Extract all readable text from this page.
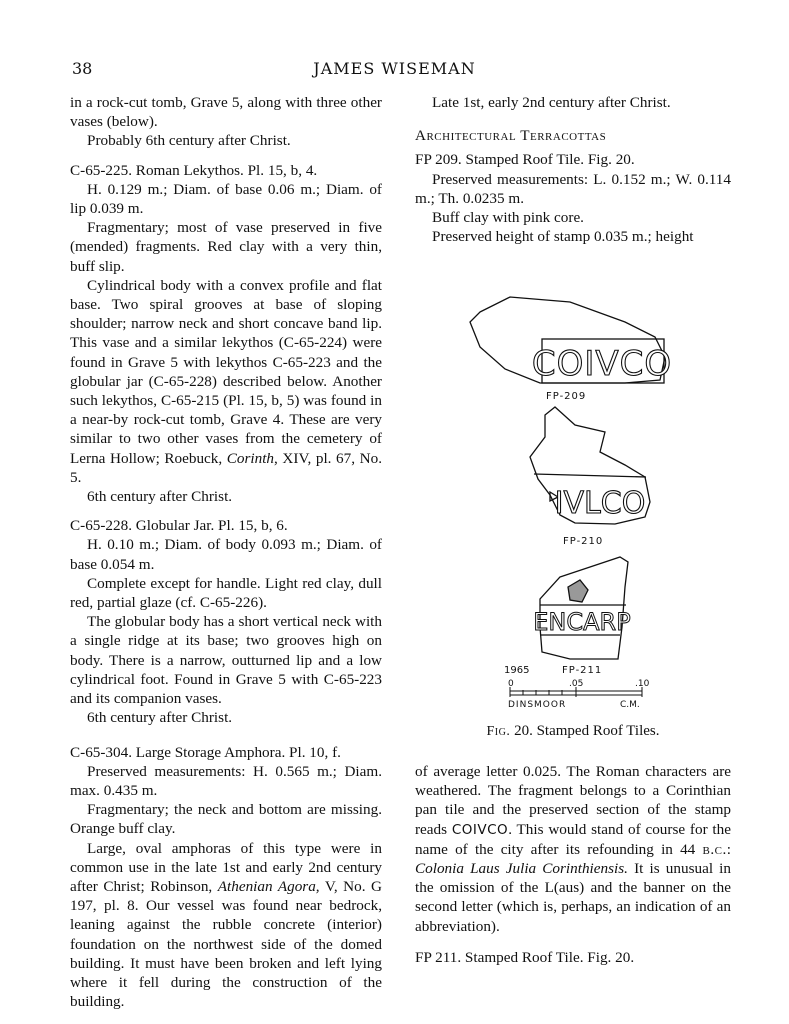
38	JAMES WISEMAN

in a rock-cut tomb, Grave 5, along with three other vases (below).

Probably 6th century after Christ.

C-65-225. Roman Lekythos. Pl. 15, b, 4.

H. 0.129 m.; Diam. of base 0.06 m.; Diam. of lip 0.039 m.

Fragmentary; most of vase preserved in five (mended) fragments. Red clay with a very thin, buff slip.

Cylindrical body with a convex profile and flat base. Two spiral grooves at base of sloping shoulder; narrow neck and short concave band lip. This vase and a similar lekythos (C-65-224) were found in Grave 5 with lekythos C-65-223 and the globular jar (C-65-228) described below. Another such lekythos, C-65-215 (Pl. 15, b, 5) was found in a near-by rock-cut tomb, Grave 4. These are very similar to two other vases from the cemetery of Lerna Hollow; Roebuck, Corinth, XIV, pl. 67, No. 5.

6th century after Christ.

C-65-228. Globular Jar. Pl. 15, b, 6.

H. 0.10 m.; Diam. of body 0.093 m.; Diam. of base 0.054 m.

Complete except for handle. Light red clay, dull red, partial glaze (cf. C-65-226).

The globular body has a short vertical neck with a single ridge at its base; two grooves high on body. There is a narrow, outturned lip and a low cylindrical foot. Found in Grave 5 with C-65-223 and its companion vases.

6th century after Christ.

C-65-304. Large Storage Amphora. Pl. 10, f.

Preserved measurements: H. 0.565 m.; Diam. max. 0.435 m.

Fragmentary; the neck and bottom are missing. Orange buff clay.

Large, oval amphoras of this type were in common use in the late 1st and early 2nd century after Christ; Robinson, Athenian Agora, V, No. G 197, pl. 8. Our vessel was found near bedrock, leaning against the rubble concrete (interior) foundation on the northwest side of the domed building. It must have been broken and left lying where it fell during the construction of the building.

Late 1st, early 2nd century after Christ.

Architectural Terracottas

FP 209. Stamped Roof Tile. Fig. 20.

Preserved measurements: L. 0.152 m.; W. 0.114 m.; Th. 0.0235 m.

Buff clay with pink core.

Preserved height of stamp 0.035 m.; height

COIVCO
FP-209
IVLCO
FP-210
ENCARP
1965	FP-211
0	.05	.10
DINSMOOR	C.M.
Fig. 20. Stamped Roof Tiles.

of average letter 0.025. The Roman characters are weathered. The fragment belongs to a Corinthian pan tile and the preserved section of the stamp reads COIVCO. This would stand of course for the name of the city after its refounding in 44 b.c.: Colonia Laus Julia Corinthiensis. It is unusual in the omission of the L(aus) and the banner on the second letter (which is, perhaps, an indication of an abbreviation).

FP 211. Stamped Roof Tile. Fig. 20.
